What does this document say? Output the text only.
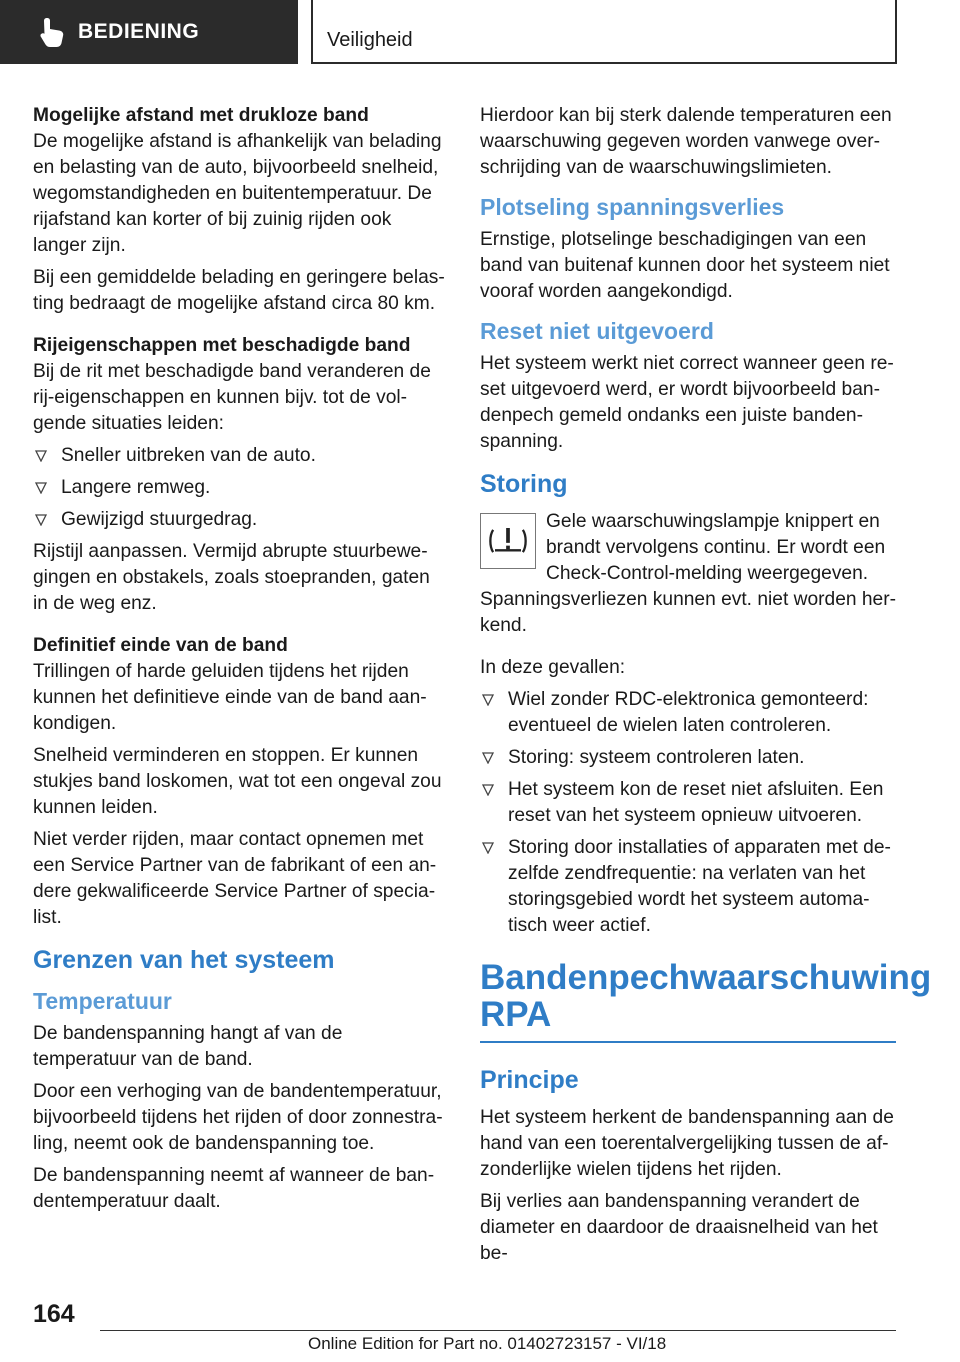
BEDIENING	Veiligheid

Mogelijke afstand met drukloze band

De mogelijke afstand is afhankelijk van belading en belasting van de auto, bijvoorbeeld snelheid, wegomstandigheden en buitentemperatuur. De rijafstand kan korter of bij zuinig rijden ook langer zijn.

Bij een gemiddelde belading en geringere belasting bedraagt de mogelijke afstand circa 80 km.

Rijeigenschappen met beschadigde band

Bij de rit met beschadigde band veranderen de rij-eigenschappen en kunnen bijv. tot de volgende situaties leiden:

Sneller uitbreken van de auto.
Langere remweg.
Gewijzigd stuurgedrag.

Rijstijl aanpassen. Vermijd abrupte stuurbewegingen en obstakels, zoals stoepranden, gaten in de weg enz.

Definitief einde van de band

Trillingen of harde geluiden tijdens het rijden kunnen het definitieve einde van de band aankondigen.

Snelheid verminderen en stoppen. Er kunnen stukjes band loskomen, wat tot een ongeval zou kunnen leiden.

Niet verder rijden, maar contact opnemen met een Service Partner van de fabrikant of een andere gekwalificeerde Service Partner of specialist.

Grenzen van het systeem
Temperatuur

De bandenspanning hangt af van de temperatuur van de band.

Door een verhoging van de bandentemperatuur, bijvoorbeeld tijdens het rijden of door zonnestraling, neemt ook de bandenspanning toe.

De bandenspanning neemt af wanneer de bandentemperatuur daalt.

Hierdoor kan bij sterk dalende temperaturen een waarschuwing gegeven worden vanwege overschrijding van de waarschuwingslimieten.

Plotseling spanningsverlies

Ernstige, plotselinge beschadigingen van een band van buitenaf kunnen door het systeem niet vooraf worden aangekondigd.

Reset niet uitgevoerd

Het systeem werkt niet correct wanneer geen reset uitgevoerd werd, er wordt bijvoorbeeld bandenpech gemeld ondanks een juiste bandenspanning.

Storing
Gele waarschuwingslampje knippert en brandt vervolgens continu. Er wordt een Check-Control-melding weergegeven.

Spanningsverliezen kunnen evt. niet worden herkend.

In deze gevallen:

Wiel zonder RDC-elektronica gemonteerd: eventueel de wielen laten controleren.
Storing: systeem controleren laten.
Het systeem kon de reset niet afsluiten. Een reset van het systeem opnieuw uitvoeren.
Storing door installaties of apparaten met dezelfde zendfrequentie: na verlaten van het storingsgebied wordt het systeem automatisch weer actief.
Bandenpechwaarschuwing RPA
Principe

Het systeem herkent de bandenspanning aan de hand van een toerentalvergelijking tussen de afzonderlijke wielen tijdens het rijden.

Bij verlies aan bandenspanning verandert de diameter en daardoor de draaisnelheid van het be-

164
Online Edition for Part no. 01402723157 - VI/18
